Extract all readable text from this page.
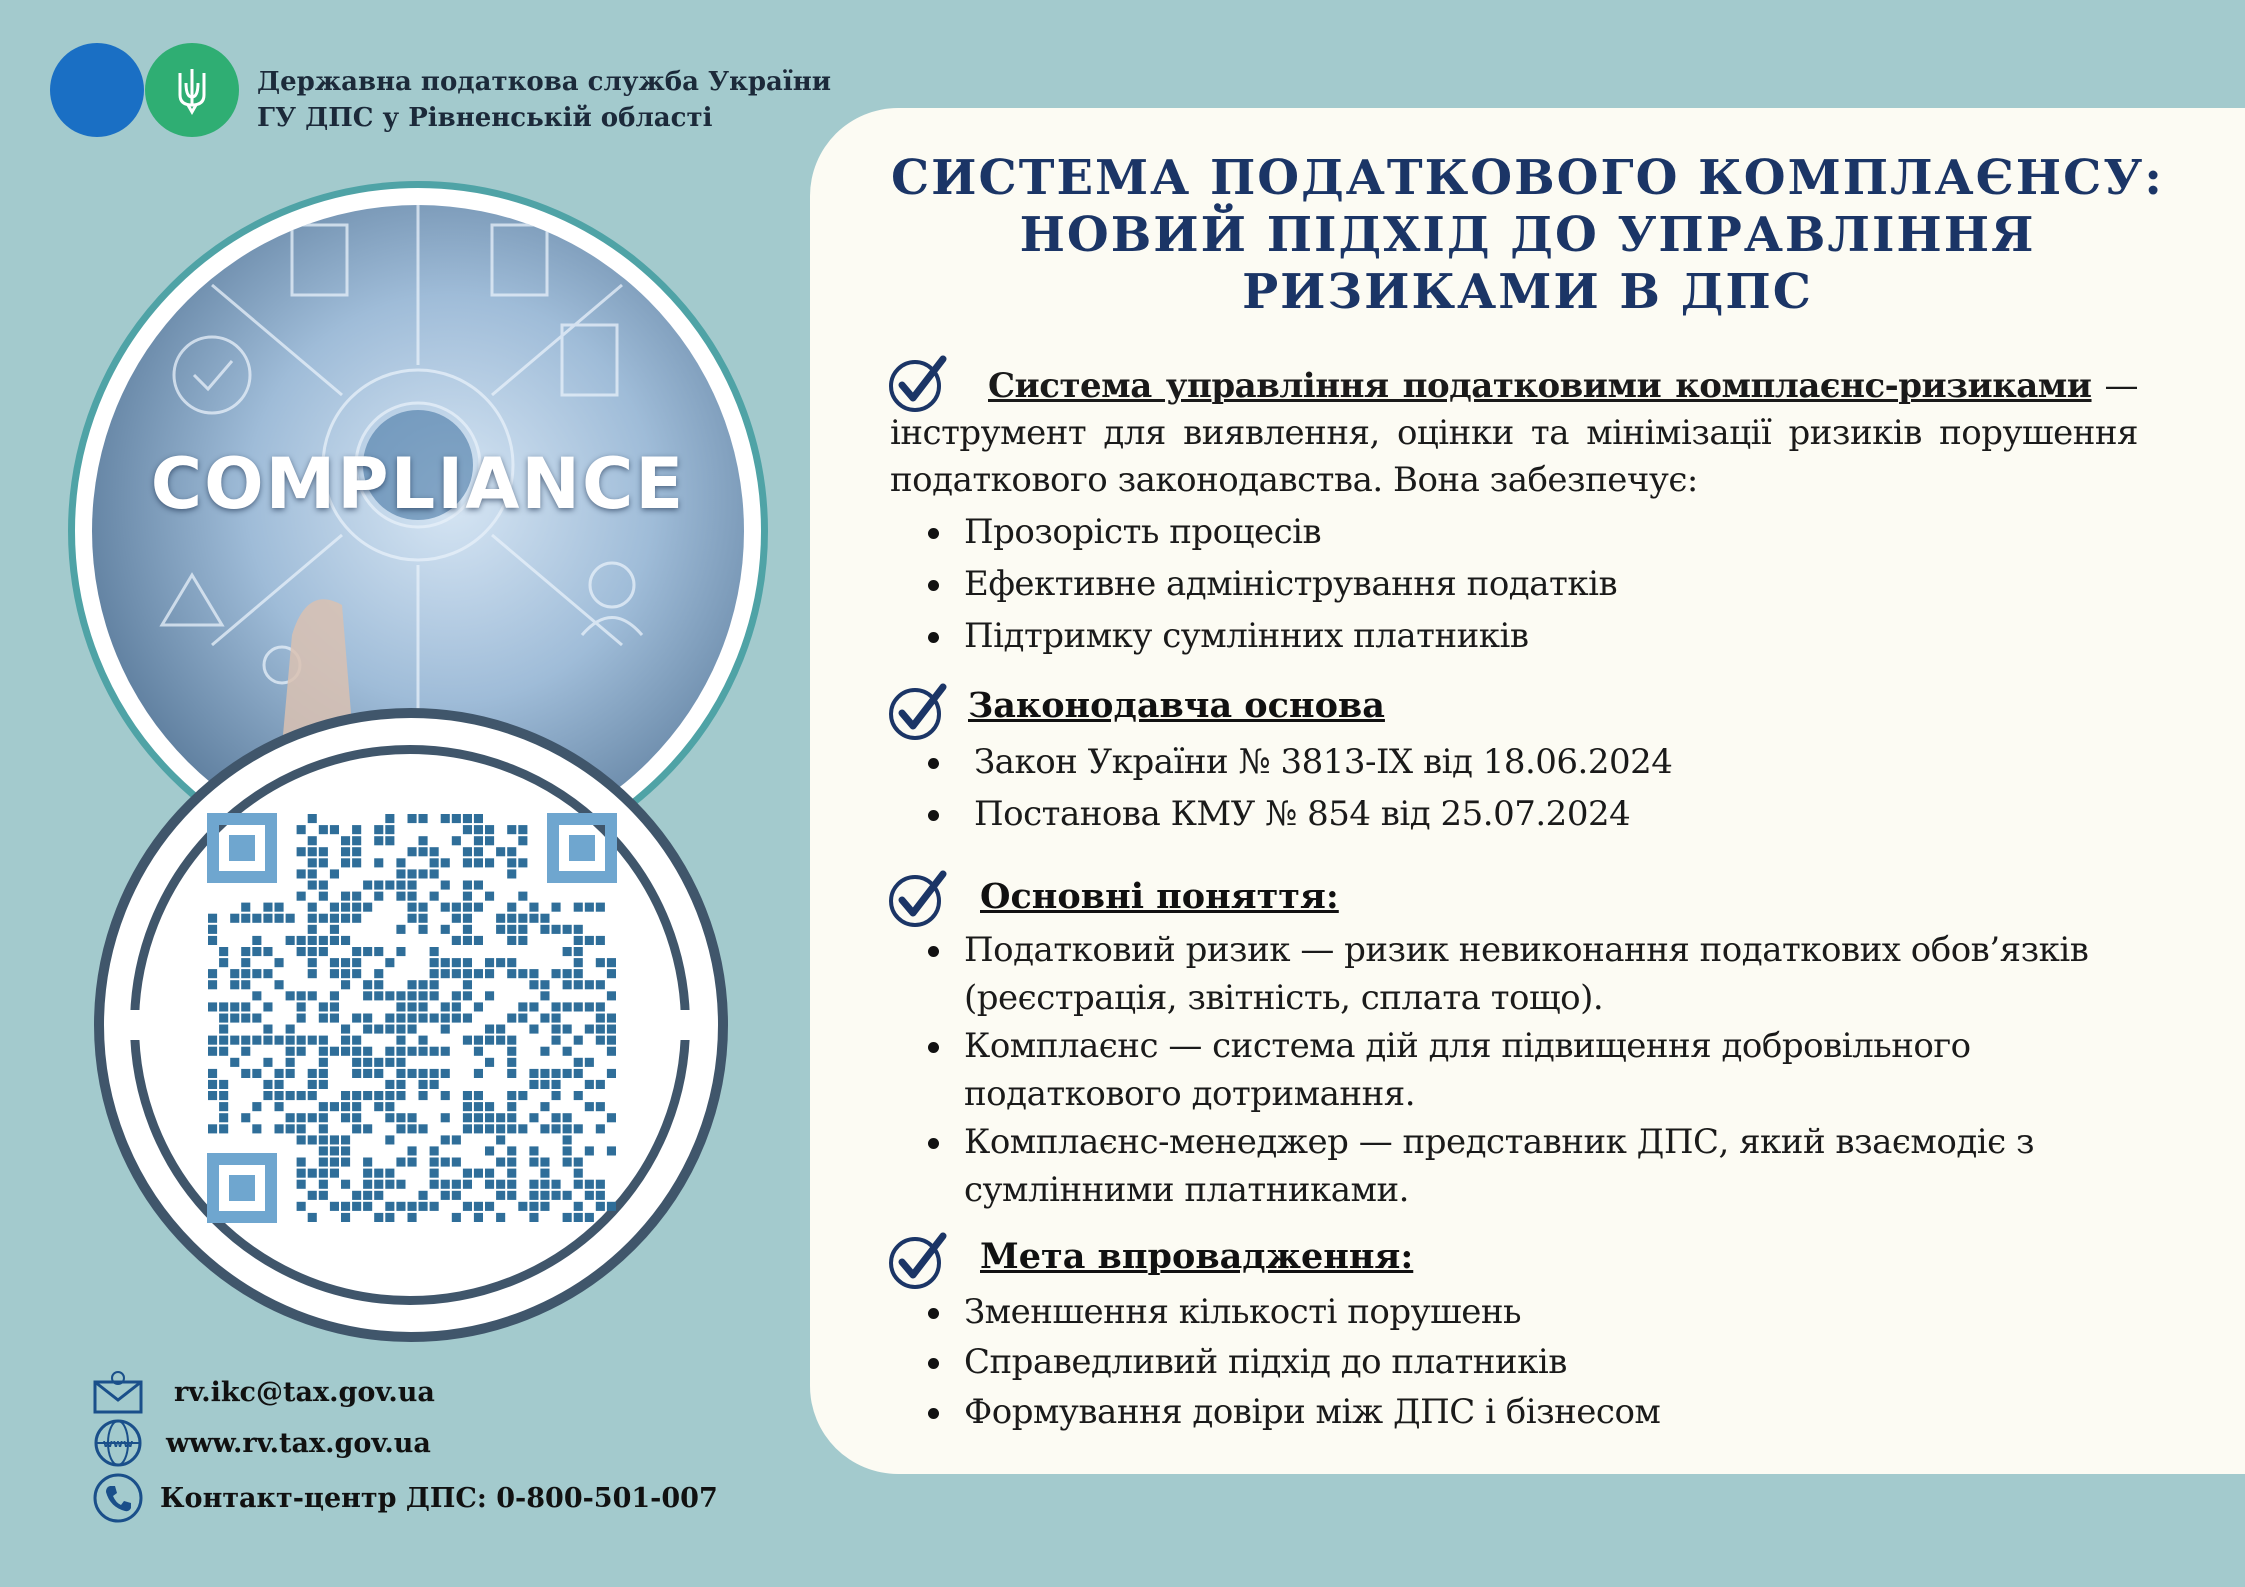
Державна податкова служба України
ГУ ДПС у Рівненській області
COMPLIANCE
rv.ikc@tax.gov.ua
www www.rv.tax.gov.ua
Контакт-центр ДПС: 0-800-501-007
СИСТЕМА ПОДАТКОВОГО КОМПЛАЄНСУ:
НОВИЙ ПІДХІД ДО УПРАВЛІННЯ
РИЗИКАМИ В ДПС
Система управління податковими комплаєнс-ризиками — інструмент для виявлення, оцінки та мінімізації ризиків порушення податкового законодавства. Вона забезпечує:
Прозорість процесів
Ефективне адміністрування податків
Підтримку сумлінних платників
Законодавча основа
Закон України № 3813-IX від 18.06.2024
Постанова КМУ № 854 від 25.07.2024
Основні поняття:
Податковий ризик — ризик невиконання податкових обов’язків (реєстрація, звітність, сплата тощо).
Комплаєнс — система дій для підвищення добровільного податкового дотримання.
Комплаєнс-менеджер — представник ДПС, який взаємодіє з сумлінними платниками.
Мета впровадження:
Зменшення кількості порушень
Справедливий підхід до платників
Формування довіри між ДПС і бізнесом
